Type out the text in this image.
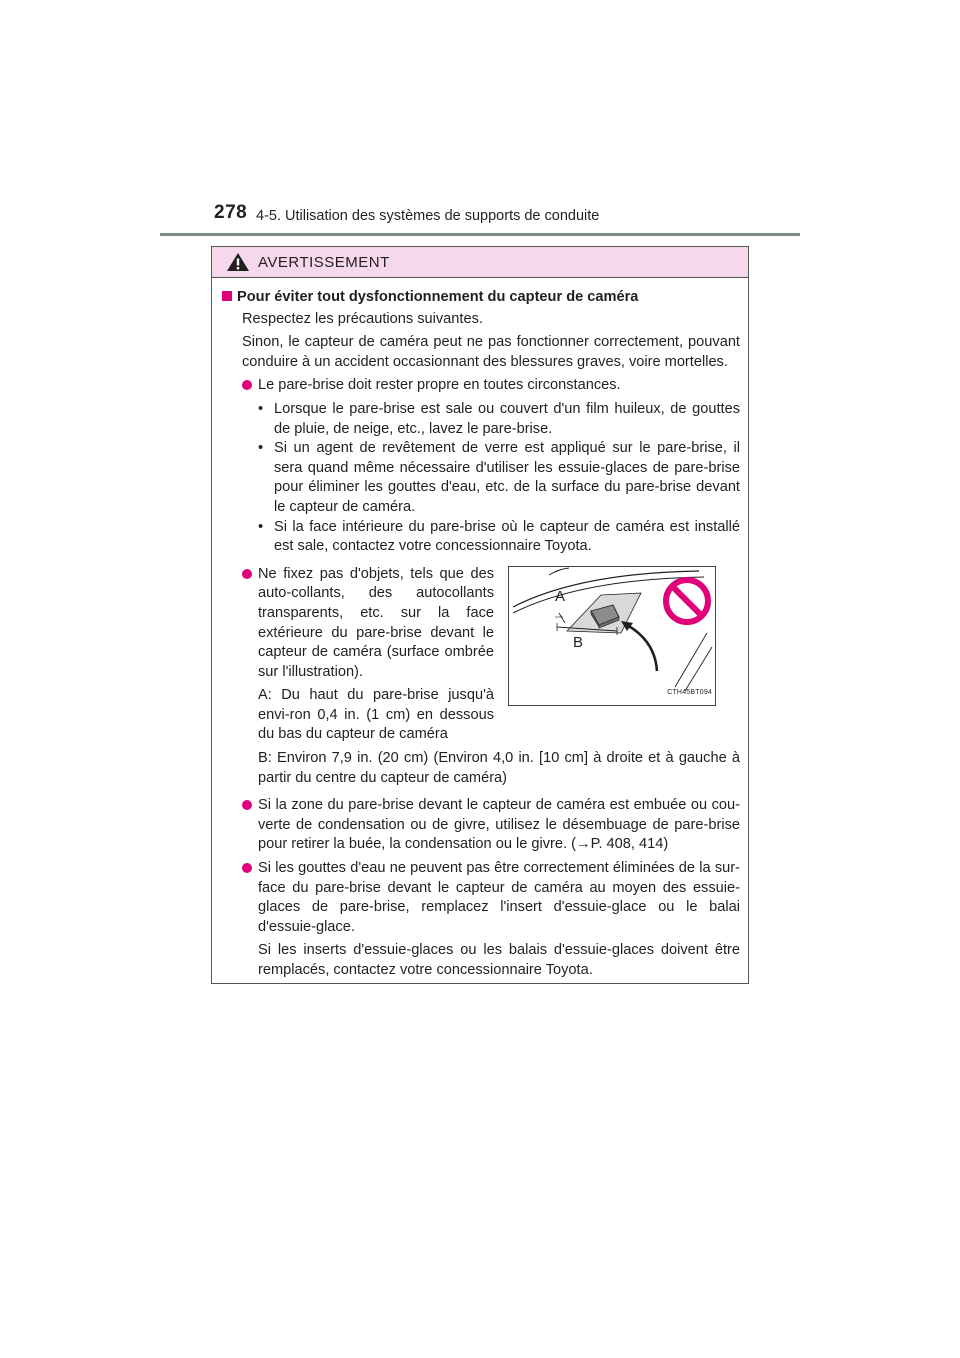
278 4-5. Utilisation des systèmes de supports de conduite
AVERTISSEMENT
Pour éviter tout dysfonctionnement du capteur de caméra
Respectez les précautions suivantes.
Sinon, le capteur de caméra peut ne pas fonctionner correctement, pouvant conduire à un accident occasionnant des blessures graves, voire mortelles.
Le pare-brise doit rester propre en toutes circonstances.
• Lorsque le pare-brise est sale ou couvert d'un film huileux, de gouttes de pluie, de neige, etc., lavez le pare-brise.
• Si un agent de revêtement de verre est appliqué sur le pare-brise, il sera quand même nécessaire d'utiliser les essuie-glaces de pare-brise pour éliminer les gouttes d'eau, etc. de la surface du pare-brise devant le capteur de caméra.
• Si la face intérieure du pare-brise où le capteur de caméra est installé est sale, contactez votre concessionnaire Toyota.
Ne fixez pas d'objets, tels que des auto-collants, des autocollants transparents, etc. sur la face extérieure du pare-brise devant le capteur de caméra (surface ombrée sur l'illustration).
A: Du haut du pare-brise jusqu'à envi-ron 0,4 in. (1 cm) en dessous du bas du capteur de caméra
A
B
CTH45BT094
B: Environ 7,9 in. (20 cm) (Environ 4,0 in. [10 cm] à droite et à gauche à partir du centre du capteur de caméra)
Si la zone du pare-brise devant le capteur de caméra est embuée ou cou-verte de condensation ou de givre, utilisez le désembuage de pare-brise pour retirer la buée, la condensation ou le givre. (→P. 408, 414)
Si les gouttes d'eau ne peuvent pas être correctement éliminées de la sur-face du pare-brise devant le capteur de caméra au moyen des essuie-glaces de pare-brise, remplacez l'insert d'essuie-glace ou le balai d'essuie-glace.
Si les inserts d'essuie-glaces ou les balais d'essuie-glaces doivent être remplacés, contactez votre concessionnaire Toyota.
